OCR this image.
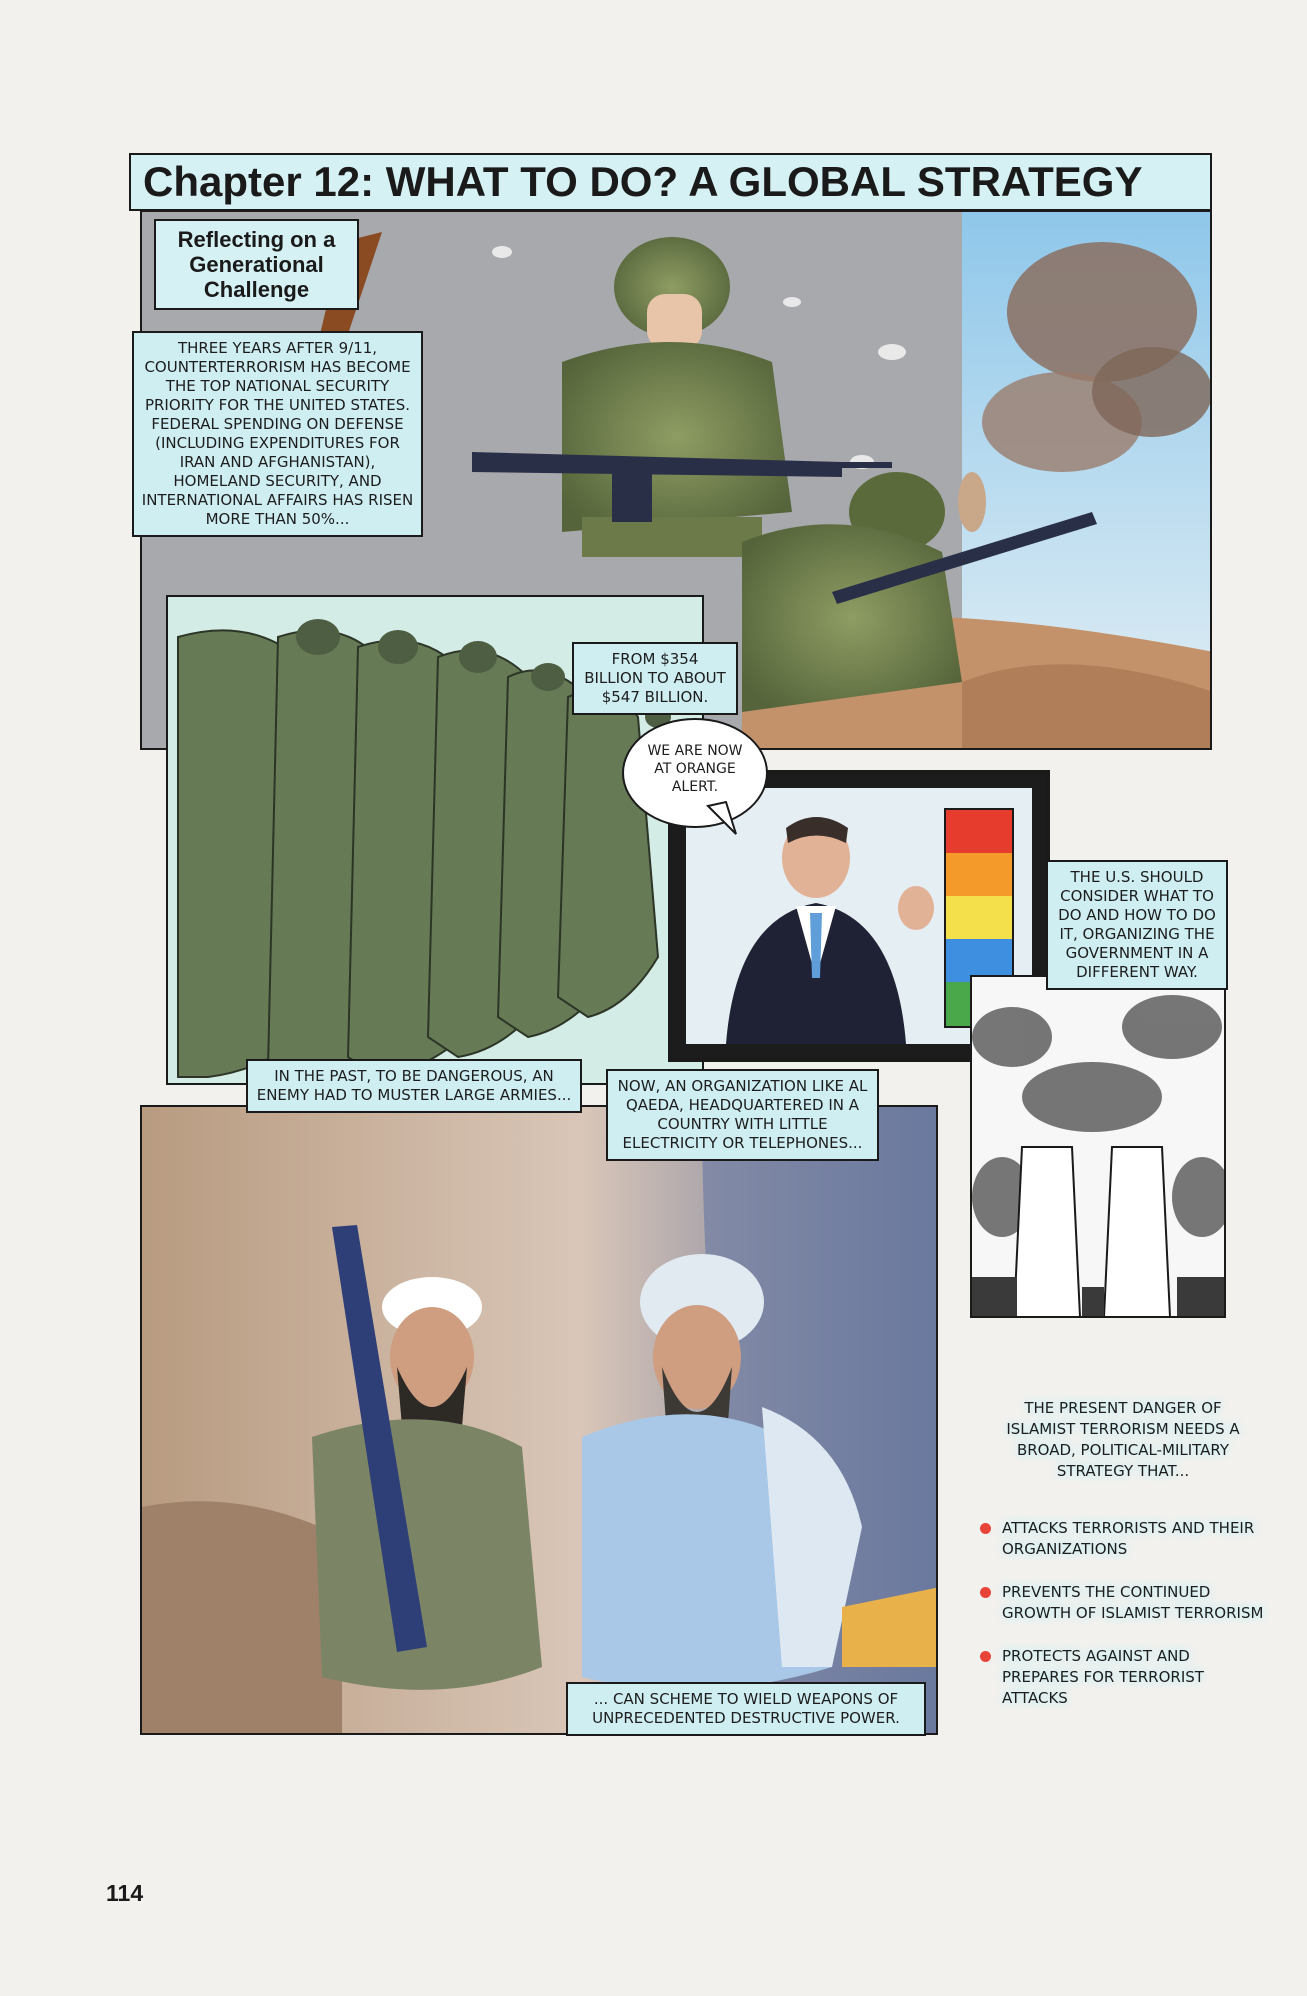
Chapter 12: WHAT TO DO? A GLOBAL STRATEGY
Reflecting on a Generational Challenge
THREE YEARS AFTER 9/11, COUNTERTERRORISM HAS BECOME THE TOP NATIONAL SECURITY PRIORITY FOR THE UNITED STATES. FEDERAL SPENDING ON DEFENSE (INCLUDING EXPENDITURES FOR IRAN AND AFGHANISTAN), HOMELAND SECURITY, AND INTERNATIONAL AFFAIRS HAS RISEN MORE THAN 50%...
FROM $354 BILLION TO ABOUT $547 BILLION.
WE ARE NOW AT ORANGE ALERT.
THE U.S. SHOULD CONSIDER WHAT TO DO AND HOW TO DO IT, ORGANIZING THE GOVERNMENT IN A DIFFERENT WAY.
IN THE PAST, TO BE DANGEROUS, AN ENEMY HAD TO MUSTER LARGE ARMIES...	NOW, AN ORGANIZATION LIKE AL QAEDA, HEADQUARTERED IN A COUNTRY WITH LITTLE ELECTRICITY OR TELEPHONES...
... CAN SCHEME TO WIELD WEAPONS OF UNPRECEDENTED DESTRUCTIVE POWER.
THE PRESENT DANGER OF ISLAMIST TERRORISM NEEDS A BROAD, POLITICAL-MILITARY STRATEGY THAT...
ATTACKS TERRORISTS AND THEIR ORGANIZATIONS
PREVENTS THE CONTINUED GROWTH OF ISLAMIST TERRORISM
PROTECTS AGAINST AND PREPARES FOR TERRORIST ATTACKS
114
